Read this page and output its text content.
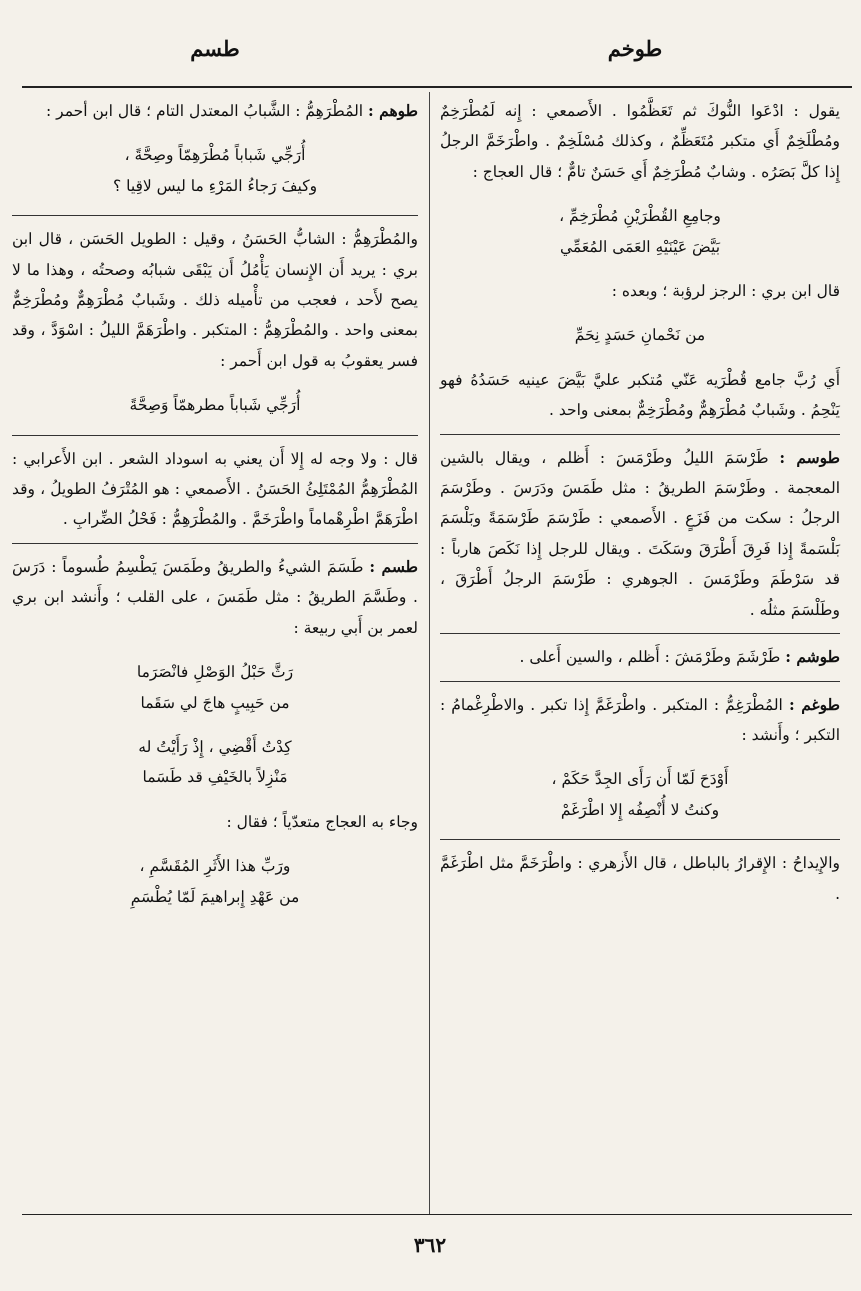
طوخم
طسم

يقول : ادْعَوا النُّوكَ ثم تَعَظَّمُوا . الأَصمعي : إِنه لَمُطْرَخِمٌ ومُطْلَخِمٌ أَي متكبر مُتَعَظِّمٌ ، وكذلك مُسْلَخِمٌ . واطْرَخَمَّ الرجلُ إِذا كلَّ بَصَرُه . وشابٌ مُطْرَخِمٌ أَي حَسَنٌ تامٌّ ؛ قال العجاج :

وجامِعِ القُطْرَيْنِ مُطْرَخِمِّ ،
بَيَّضَ عَيْنَيْهِ العَمَى المُعَمِّي

قال ابن بري : الرجز لرؤبة ؛ وبعده :

من نَحْمانِ حَسَدٍ نِحَمِّ

أَي رُبَّ جامع قُطْرَيه عَنّي مُتكبر عليَّ بَيَّضَ عينيه حَسَدُهُ فهو يَنْحِمُ . وشَبابٌ مُطْرَهِمٌّ ومُطْرَخِمٌّ بمعنى واحد .

طوسم : طَرْسَمَ الليلُ وطَرْمَسَ : أَظلم ، ويقال بالشين المعجمة . وطَرْسَمَ الطريقُ : مثل طَمَسَ ودَرَسَ . وطَرْسَمَ الرجلُ : سكت من فَزَعٍ . الأَصمعي : طَرْسَمَ طَرْسَمَةً وبَلْسَمَ بَلْسَمةً إِذا فَرِقَ أَطْرَقَ وسَكَتَ . ويقال للرجل إِذا نَكَصَ هارباً : قد سَرْطَمَ وطَرْمَسَ . الجوهري : طَرْسَمَ الرجلُ أَطْرَقَ ، وطَلْسَمَ مثلُه .

طوشم : طَرْشَمَ وطَرْمَشَ : أَظلم ، والسين أَعلى .

طوغم : المُطْرَغِمُّ : المتكبر . واطْرَغَمَّ إِذا تكبر . والاطْرِغْمامُ : التكبر ؛ وأَنشد :

أَوْدَحَ لَمّا أَن رَأَى الجِدَّ حَكَمْ ،
وكنتُ لا أُنْصِفُه إِلا اطْرَغَمْ

والإِيداحُ : الإِقرارُ بالباطل ، قال الأَزهري : واطْرَخَمَّ مثل اطْرَغَمَّ .

طوهم : المُطْرَهِمُّ : الشَّبابُ المعتدل التام ؛ قال ابن أحمر :

أُرَجِّي شَباباً مُطْرَهِمّاً وصِحَّةً ،
وكيفَ رَجاءُ المَرْءِ ما ليس لاقِيا ؟

والمُطْرَهِمُّ : الشابُّ الحَسَنُ ، وقيل : الطويل الحَسَن ، قال ابن بري : يريد أَن الإِنسان يَأْمُلُ أَن يَبْقَى شبابُه وصحتُه ، وهذا ما لا يصح لأَحد ، فعجب من تأْميله ذلك . وشَبابٌ مُطْرَهِمٌّ ومُطْرَخِمٌّ بمعنى واحد . والمُطْرَهِمُّ : المتكبر . واطْرَهَمَّ الليلُ : اسْوَدَّ ، وقد فسر يعقوبُ به قول ابن أَحمر :

أُرَجِّي شَباباً مطرهمّاً وَصِحَّةً

قال : ولا وجه له إِلا أَن يعني به اسوداد الشعر . ابن الأَعرابي : المُطْرَهِمُّ المُمْتَلِئُ الحَسَنُ . الأَصمعي : هو المُتْرَفُ الطويلُ ، وقد اطْرَهَمَّ اطْرِهْماماً واطْرَخَمَّ . والمُطْرَهِمُّ : فَحْلُ الضِّرابِ .

طسم : طَسَمَ الشيءُ والطريقُ وطَمَسَ يَطْسِمُ طُسوماً : دَرَسَ . وطَسَّمَ الطريقُ : مثل طَمَسَ ، على القلب ؛ وأَنشد ابن بري لعمر بن أَبي ربيعة :

رَثَّ حَبْلُ الوَصْلِ فانْصَرَما
من حَبِيبٍ هاجَ لي سَقَما
كِدْتُ أَقْضِي ، إِذْ رَأَيْتُ له
مَنْزِلاً بالخَيْفِ قد طَسَما

وجاء به العجاج متعدّياً ؛ فقال :

ورَبِّ هذا الأَثَرِ المُقَسَّمِ ،
من عَهْدِ إِبراهيمَ لَمّا يُطْسَمِ
٣٦٢
